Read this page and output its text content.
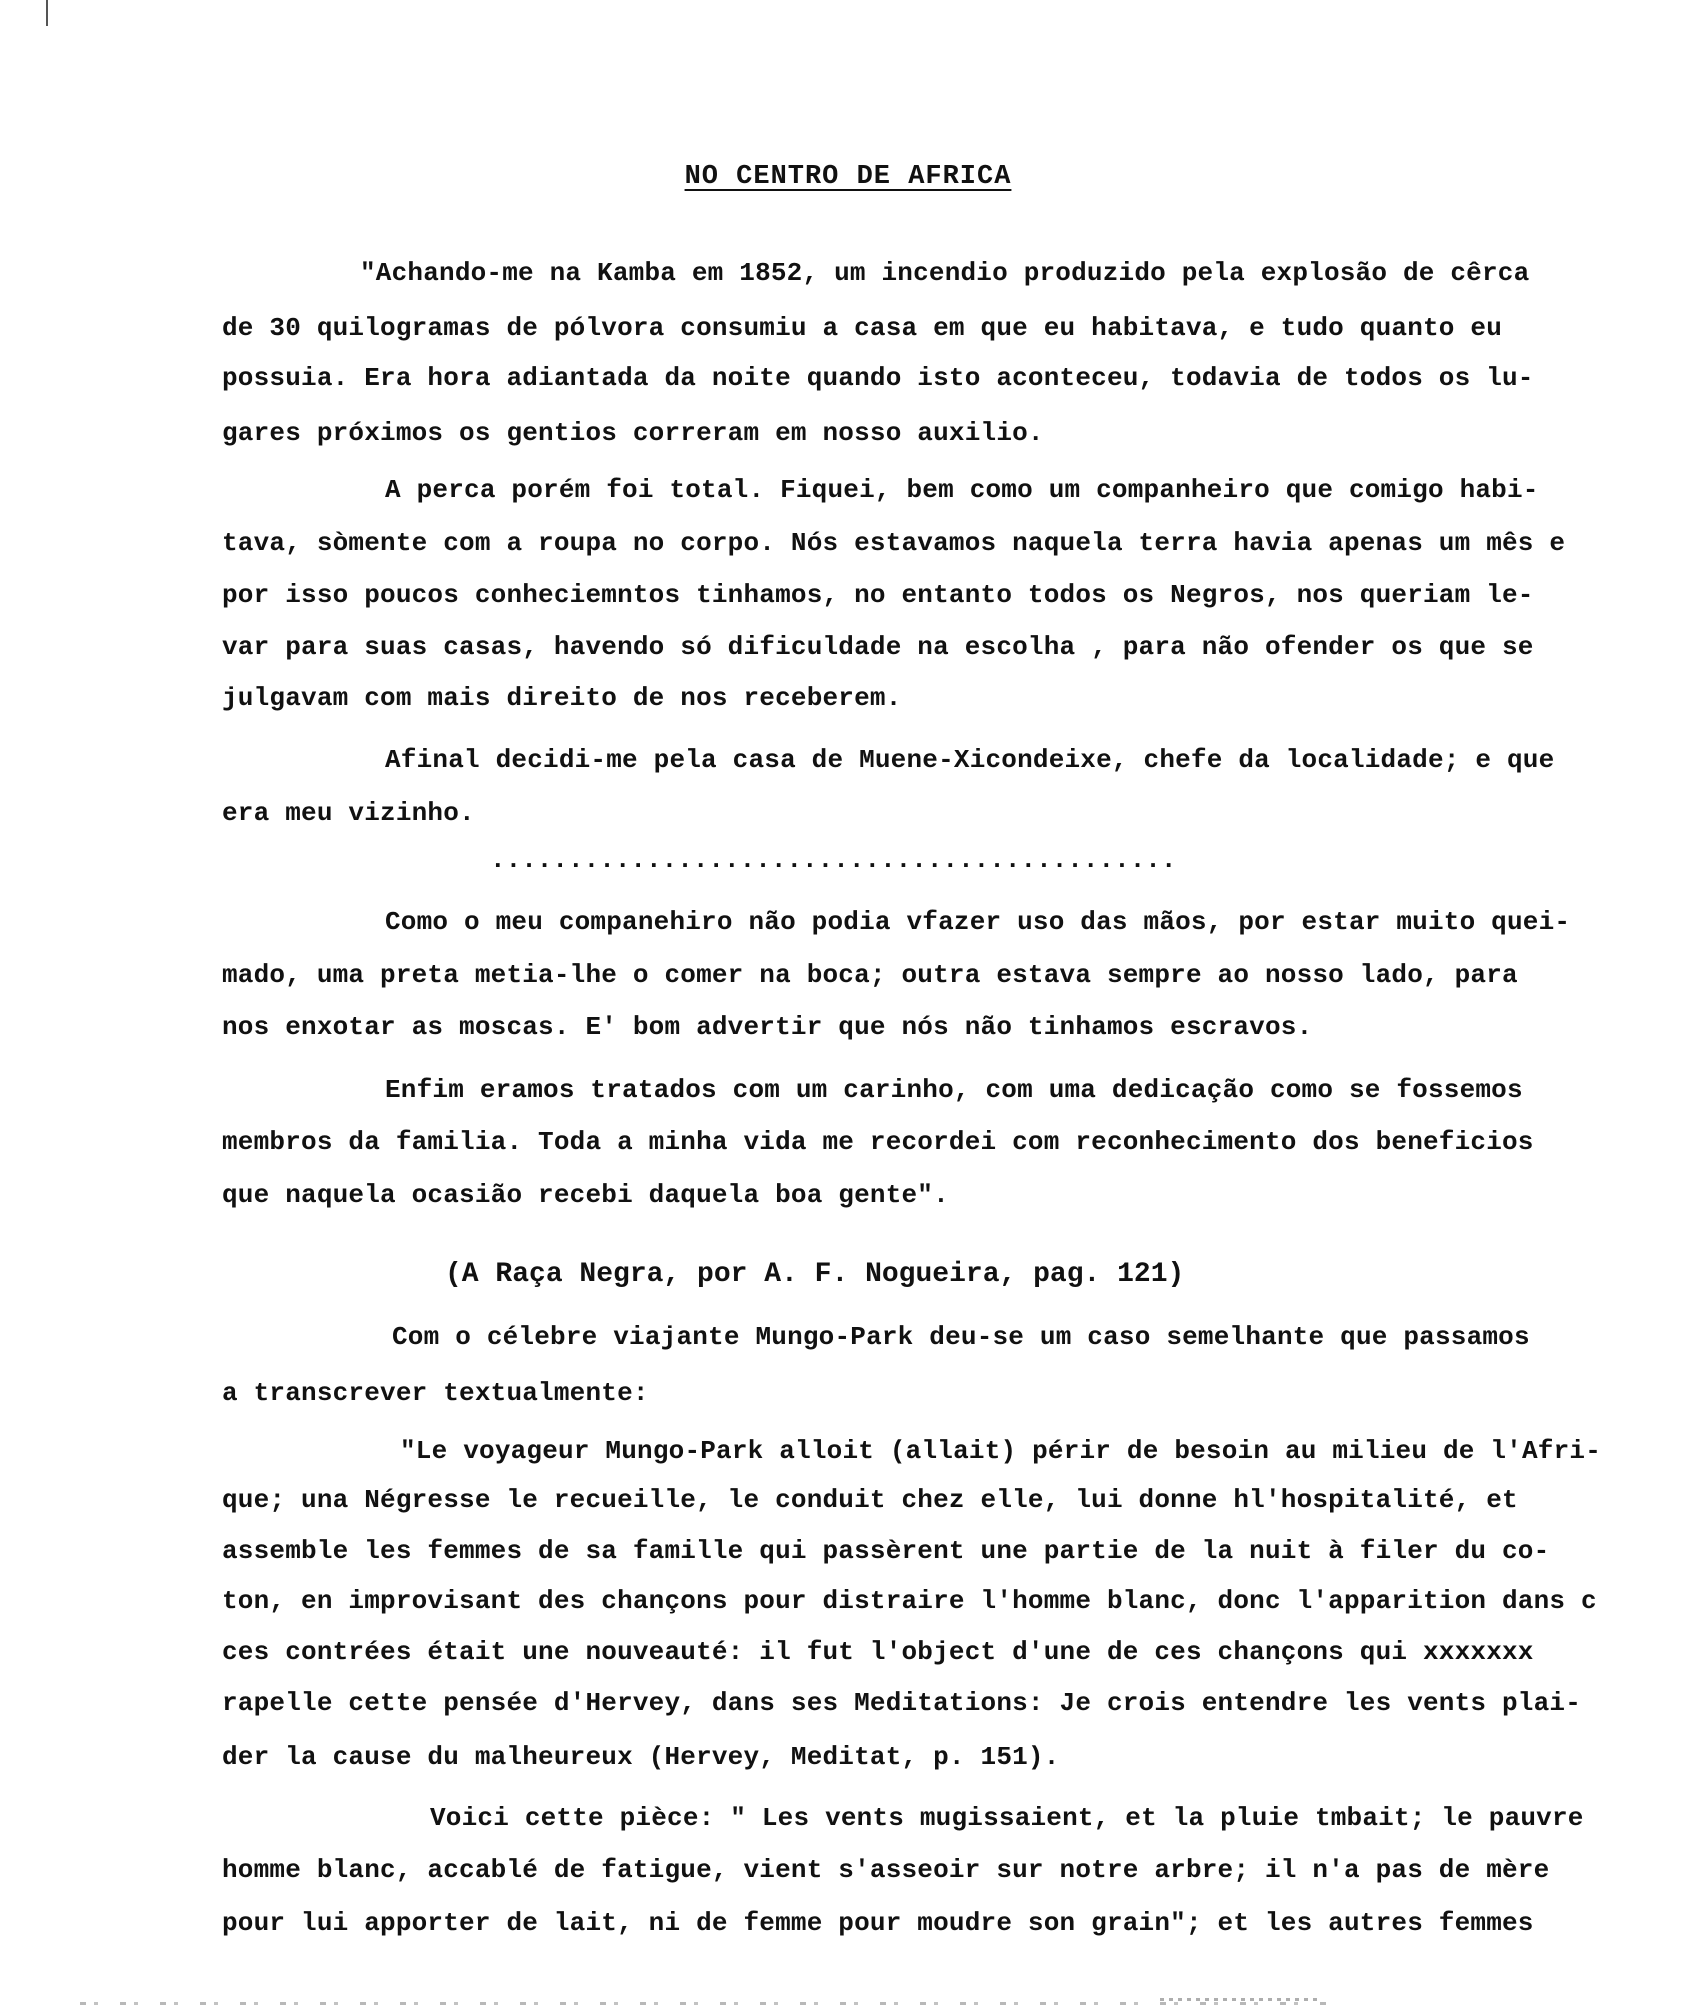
NO CENTRO DE AFRICA
"Achando-me na Kamba em 1852, um incendio produzido pela explosão de cêrca
de 30 quilogramas de pólvora consumiu a casa em que eu habitava, e tudo quanto eu
possuia. Era hora adiantada da noite quando isto aconteceu, todavia de todos os lu-
gares próximos os gentios correram em nosso auxilio.
A perca porém foi total. Fiquei, bem como um companheiro que comigo habi-
tava, sòmente com a roupa no corpo. Nós estavamos naquela terra havia apenas um mês e
por isso poucos conheciemntos tinhamos, no entanto todos os Negros, nos queriam le-
var para suas casas, havendo só dificuldade na escolha , para não ofender os que se
julgavam com mais direito de nos receberem.
Afinal decidi-me pela casa de Muene-Xicondeixe, chefe da localidade; e que
era meu vizinho.
............................................
Como o meu companehiro não podia vfazer uso das mãos, por estar muito quei-
mado, uma preta metia-lhe o comer na boca; outra estava sempre ao nosso lado, para
nos enxotar as moscas. E' bom advertir que nós não tinhamos escravos.
Enfim eramos tratados com um carinho, com uma dedicação como se fossemos
membros da familia. Toda a minha vida me recordei com reconhecimento dos beneficios
que naquela ocasião recebi daquela boa gente".
(A Raça Negra, por A. F. Nogueira, pag. 121)
Com o célebre viajante Mungo-Park deu-se um caso semelhante que passamos
a transcrever textualmente:
"Le voyageur Mungo-Park alloit (allait) périr de besoin au milieu de l'Afri-
que; una Négresse le recueille, le conduit chez elle, lui donne hl'hospitalité, et
assemble les femmes de sa famille qui passèrent une partie de la nuit à filer du co-
ton, en improvisant des chançons pour distraire l'homme blanc, donc l'apparition dans c
ces contrées était une nouveauté: il fut l'object d'une de ces chançons qui xxxxxxx
rapelle cette pensée d'Hervey, dans ses Meditations: Je crois entendre les vents plai-
der la cause du malheureux (Hervey, Meditat, p. 151).
Voici cette pièce: " Les vents mugissaient, et la pluie tmbait; le pauvre
homme blanc, accablé de fatigue, vient s'asseoir sur notre arbre; il n'a pas de mère
pour lui apporter de lait, ni de femme pour moudre son grain"; et les autres femmes
